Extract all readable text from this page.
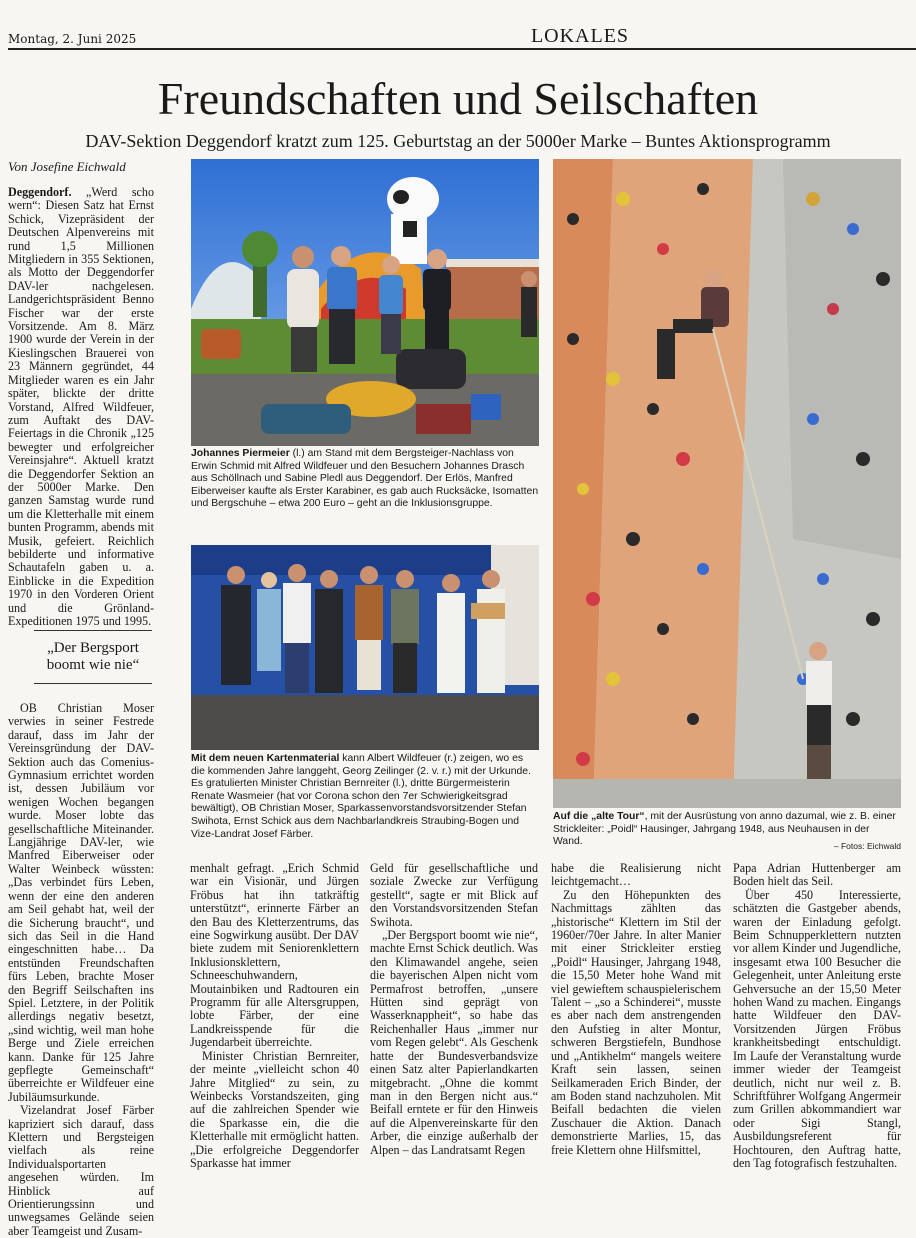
Montag, 2. Juni 2025	LOKALES
Freundschaften und Seilschaften
DAV-Sektion Deggendorf kratzt zum 125. Geburtstag an der 5000er Marke – Buntes Aktionsprogramm
Von Josefine Eichwald

Deggendorf. „Werd scho wern“: Diesen Satz hat Ernst Schick, Vizepräsident der Deutschen Alpenvereins mit rund 1,5 Millionen Mitgliedern in 355 Sektionen, als Motto der Deggendorfer DAV-ler nachgelesen. Landgerichtspräsident Benno Fischer war der erste Vorsitzende. Am 8. März 1900 wurde der Verein in der Kieslingschen Brauerei von 23 Männern gegründet, 44 Mitglieder waren es ein Jahr später, blickte der dritte Vorstand, Alfred Wildfeuer, zum Auftakt des DAV-Feiertags in die Chronik „125 bewegter und erfolgreicher Vereinsjahre“. Aktuell kratzt die Deggendorfer Sektion an der 5000er Marke. Den ganzen Samstag wurde rund um die Kletterhalle mit einem bunten Programm, abends mit Musik, gefeiert. Reichlich bebilderte und informative Schautafeln gaben u. a. Einblicke in die Expedition 1970 in den Vorderen Orient und die Grönland-Expeditionen 1975 und 1995.

„Der Bergsport boomt wie nie“

OB Christian Moser verwies in seiner Festrede darauf, dass im Jahr der Vereinsgründung der DAV-Sektion auch das Comenius-Gymnasium errichtet worden ist, dessen Jubiläum vor wenigen Wochen begangen wurde. Moser lobte das gesellschaftliche Miteinander. Langjährige DAV-ler, wie Manfred Eiberweiser oder Walter Weinbeck wüssten: „Das verbindet fürs Leben, wenn der eine den anderen am Seil gehabt hat, weil der die Sicherung braucht“, und sich das Seil in die Hand eingeschnitten habe… Da entstünden Freundschaften fürs Leben, brachte Moser den Begriff Seilschaften ins Spiel. Letztere, in der Politik allerdings negativ besetzt, „sind wichtig, weil man hohe Berge und Ziele erreichen kann. Danke für 125 Jahre gepflegte Gemeinschaft“ überreichte er Wildfeuer eine Jubiläumsurkunde.

Vizelandrat Josef Färber kapriziert sich darauf, dass Klettern und Bergsteigen vielfach als reine Individualsportarten angesehen würden. Im Hinblick auf Orientierungssinn und unwegsames Gelände seien aber Teamgeist und Zusam-

Johannes Piermeier (l.) am Stand mit dem Bergsteiger-Nachlass von Erwin Schmid mit Alfred Wildfeuer und den Besuchern Johannes Drasch aus Schöllnach und Sabine Pledl aus Deggendorf. Der Erlös, Manfred Eiberweiser kaufte als Erster Karabiner, es gab auch Rucksäcke, Isomatten und Bergschuhe – etwa 200 Euro – geht an die Inklusionsgruppe.
Mit dem neuen Kartenmaterial kann Albert Wildfeuer (r.) zeigen, wo es die kommenden Jahre langgeht, Georg Zeilinger (2. v. r.) mit der Urkunde. Es gratulierten Minister Christian Bernreiter (l.), dritte Bürgermeisterin Renate Wasmeier (hat vor Corona schon den 7er Schwierigkeitsgrad bewältigt), OB Christian Moser, Sparkassenvorstandsvorsitzender Stefan Swihota, Ernst Schick aus dem Nachbarlandkreis Straubing-Bogen und Vize-Landrat Josef Färber.
Auf die „alte Tour“, mit der Ausrüstung von anno dazumal, wie z. B. einer Strickleiter: „Poidl“ Hausinger, Jahrgang 1948, aus Neuhausen in der Wand.	– Fotos: Eichwald

menhalt gefragt. „Erich Schmid war ein Visionär, und Jürgen Fröbus hat ihn tatkräftig unterstützt“, erinnerte Färber an den Bau des Kletterzentrums, das eine Sogwirkung ausübt. Der DAV biete zudem mit Seniorenklettern Inklusionsklettern, Schneeschuhwandern, Moutainbiken und Radtouren ein Programm für alle Altersgruppen, lobte Färber, der eine Landkreisspende für die Jugendarbeit überreichte.

Minister Christian Bernreiter, der meinte „vielleicht schon 40 Jahre Mitglied“ zu sein, zu Weinbecks Vorstandszeiten, ging auf die zahlreichen Spender wie die Sparkasse ein, die die Kletterhalle mit ermöglicht hatten. „Die erfolgreiche Deggendorfer Sparkasse hat immer

Geld für gesellschaftliche und soziale Zwecke zur Verfügung gestellt“, sagte er mit Blick auf den Vorstandsvorsitzenden Stefan Swihota.

„Der Bergsport boomt wie nie“, machte Ernst Schick deutlich. Was den Klimawandel angehe, seien die bayerischen Alpen nicht vom Permafrost betroffen, „unsere Hütten sind geprägt von Wasserknappheit“, so habe das Reichenhaller Haus „immer nur vom Regen gelebt“. Als Geschenk hatte der Bundesverbandsvize einen Satz alter Papierlandkarten mitgebracht. „Ohne die kommt man in den Bergen nicht aus.“ Beifall erntete er für den Hinweis auf die Alpenvereinskarte für den Arber, die einzige außerhalb der Alpen – das Landratsamt Regen

habe die Realisierung nicht leichtgemacht…

Zu den Höhepunkten des Nachmittags zählten das „historische“ Klettern im Stil der 1960er/70er Jahre. In alter Manier mit einer Strickleiter erstieg „Poidl“ Hausinger, Jahrgang 1948, die 15,50 Meter hohe Wand mit viel gewieftem schauspielerischem Talent – „so a Schinderei“, musste es aber nach dem anstrengenden den Aufstieg in alter Montur, schweren Bergstiefeln, Bundhose und „Antikhelm“ mangels weitere Kraft sein lassen, seinen Seilkameraden Erich Binder, der am Boden stand nachzuholen. Mit Beifall bedachten die vielen Zuschauer die Aktion. Danach demonstrierte Marlies, 15, das freie Klettern ohne Hilfsmittel,

Papa Adrian Huttenberger am Boden hielt das Seil.

Über 450 Interessierte, schätzten die Gastgeber abends, waren der Einladung gefolgt. Beim Schnupperklettern nutzten vor allem Kinder und Jugendliche, insgesamt etwa 100 Besucher die Gelegenheit, unter Anleitung erste Gehversuche an der 15,50 Meter hohen Wand zu machen. Eingangs hatte Wildfeuer den DAV-Vorsitzenden Jürgen Fröbus krankheitsbedingt entschuldigt. Im Laufe der Veranstaltung wurde immer wieder der Teamgeist deutlich, nicht nur weil z. B. Schriftführer Wolfgang Angermeir zum Grillen abkommandiert war oder Sigi Stangl, Ausbildungsreferent für Hochtouren, den Auftrag hatte, den Tag fotografisch festzuhalten.
